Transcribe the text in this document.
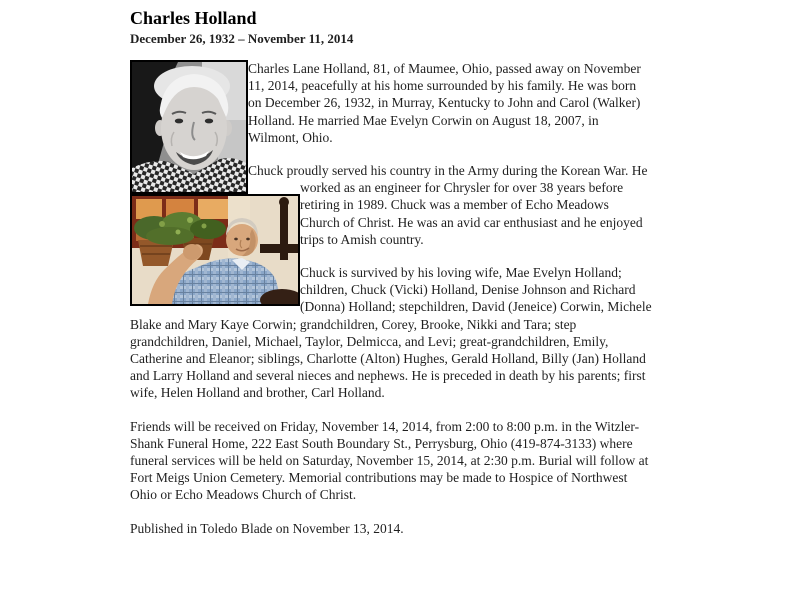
Charles Holland
December 26, 1932 – November 11, 2014

Charles Lane Holland, 81, of Maumee, Ohio, passed away on November 11, 2014, peacefully at his home surrounded by his family. He was born on December 26, 1932, in Murray, Kentucky to John and Carol (Walker) Holland. He married Mae Evelyn Corwin on August 18, 2007, in Wilmont, Ohio.

Chuck proudly served his country in the Army during the Korean War. He worked as an engineer for Chrysler for over 38 years before retiring in 1989. Chuck was a member of Echo Meadows Church of Christ. He was an avid car enthusiast and he enjoyed trips to Amish country.

Chuck is survived by his loving wife, Mae Evelyn Holland; children, Chuck (Vicki) Holland, Denise Johnson and Richard (Donna) Holland; stepchildren, David (Jeneice) Corwin, Michele Blake and Mary Kaye Corwin; grandchildren, Corey, Brooke, Nikki and Tara; step grandchildren, Daniel, Michael, Taylor, Delmicca, and Levi; great-grandchildren, Emily, Catherine and Eleanor; siblings, Charlotte (Alton) Hughes, Gerald Holland, Billy (Jan) Holland and Larry Holland and several nieces and nephews. He is preceded in death by his parents; first wife, Helen Holland and brother, Carl Holland.

Friends will be received on Friday, November 14, 2014, from 2:00 to 8:00 p.m. in the Witzler-Shank Funeral Home, 222 East South Boundary St., Perrysburg, Ohio (419-874-3133) where funeral services will be held on Saturday, November 15, 2014, at 2:30 p.m. Burial will follow at Fort Meigs Union Cemetery. Memorial contributions may be made to Hospice of Northwest Ohio or Echo Meadows Church of Christ.

Published in Toledo Blade on November 13, 2014.
